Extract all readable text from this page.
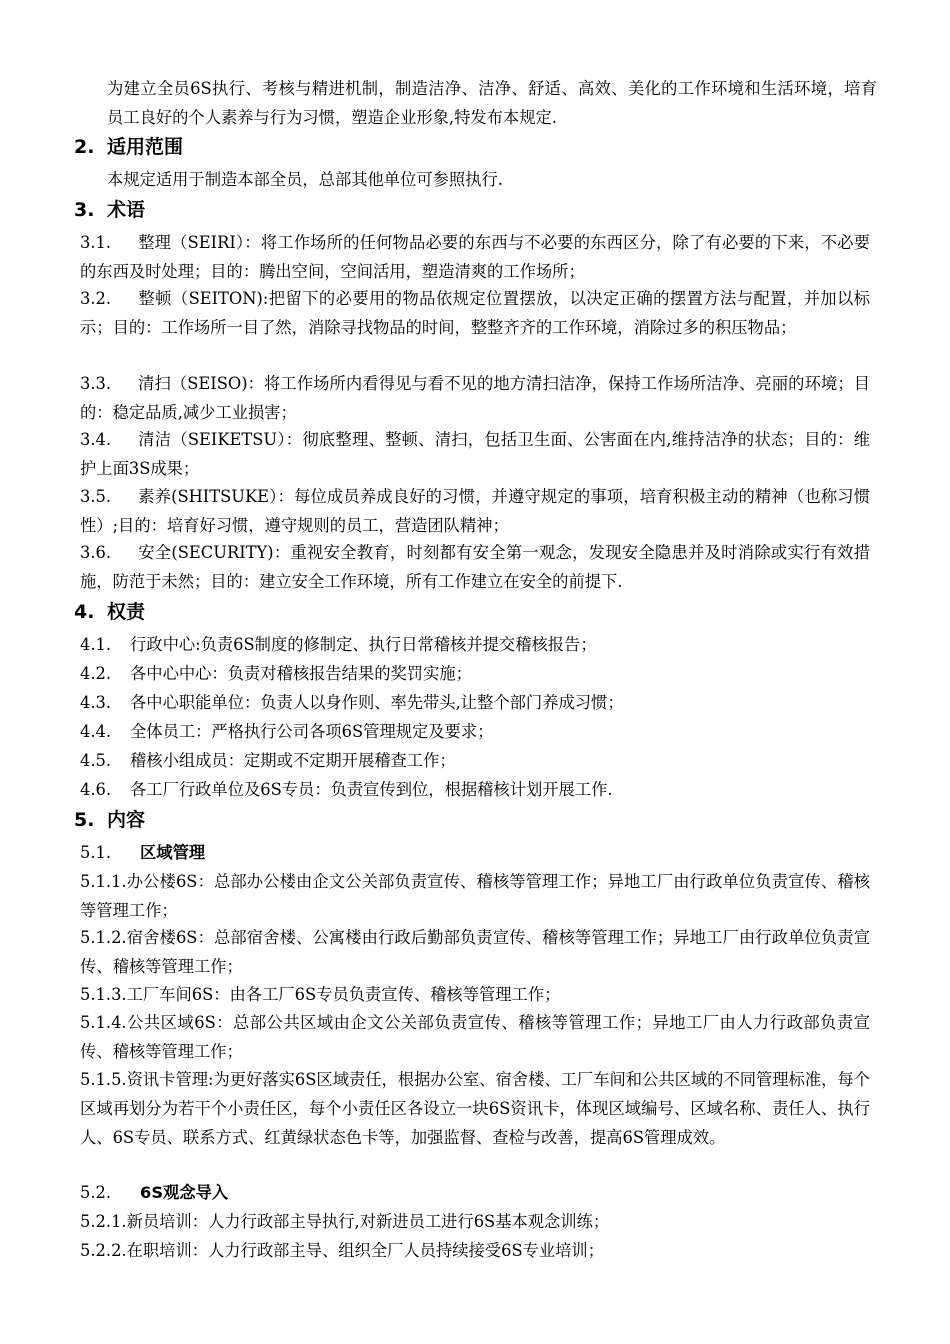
为建立全员6S执行、考核与精进机制，制造洁净、洁净、舒适、高效、美化的工作环境和生活环境，培育员工良好的个人素养与行为习惯，塑造企业形象,特发布本规定.

2. 适用范围

本规定适用于制造本部全员，总部其他单位可参照执行.

3. 术语

3.1. 整理（SEIRI）：将工作场所的任何物品必要的东西与不必要的东西区分，除了有必要的下来，不必要的东西及时处理；目的：腾出空间，空间活用，塑造清爽的工作场所；

3.2. 整顿（SEITON):把留下的必要用的物品依规定位置摆放，以决定正确的摆置方法与配置，并加以标示；目的：工作场所一目了然，消除寻找物品的时间，整整齐齐的工作环境，消除过多的积压物品；

3.3. 清扫（SEISO)：将工作场所内看得见与看不见的地方清扫洁净，保持工作场所洁净、亮丽的环境；目的：稳定品质,减少工业损害；

3.4. 清洁（SEIKETSU）：彻底整理、整顿、清扫，包括卫生面、公害面在内,维持洁净的状态；目的：维护上面3S成果；

3.5. 素养(SHITSUKE）：每位成员养成良好的习惯，并遵守规定的事项，培育积极主动的精神（也称习惯性）;目的：培育好习惯，遵守规则的员工，营造团队精神；

3.6. 安全(SECURITY)：重视安全教育，时刻都有安全第一观念，发现安全隐患并及时消除或实行有效措施，防范于未然；目的：建立安全工作环境，所有工作建立在安全的前提下.

4. 权责

4.1. 行政中心:负责6S制度的修制定、执行日常稽核并提交稽核报告；

4.2. 各中心中心：负责对稽核报告结果的奖罚实施；

4.3. 各中心职能单位：负责人以身作则、率先带头,让整个部门养成习惯；

4.4. 全体员工：严格执行公司各项6S管理规定及要求；

4.5. 稽核小组成员：定期或不定期开展稽查工作；

4.6. 各工厂行政单位及6S专员：负责宣传到位，根据稽核计划开展工作.

5. 内容

5.1. 区域管理

5.1.1.办公楼6S：总部办公楼由企文公关部负责宣传、稽核等管理工作；异地工厂由行政单位负责宣传、稽核等管理工作；

5.1.2.宿舍楼6S：总部宿舍楼、公寓楼由行政后勤部负责宣传、稽核等管理工作；异地工厂由行政单位负责宣传、稽核等管理工作；

5.1.3.工厂车间6S：由各工厂6S专员负责宣传、稽核等管理工作；

5.1.4.公共区域6S：总部公共区域由企文公关部负责宣传、稽核等管理工作；异地工厂由人力行政部负责宣传、稽核等管理工作；

5.1.5.资讯卡管理:为更好落实6S区域责任，根据办公室、宿舍楼、工厂车间和公共区域的不同管理标准，每个区域再划分为若干个小责任区，每个小责任区各设立一块6S资讯卡，体现区域编号、区域名称、责任人、执行人、6S专员、联系方式、红黄绿状态色卡等，加强监督、查检与改善，提高6S管理成效。

5.2. 6S观念导入

5.2.1.新员培训：人力行政部主导执行,对新进员工进行6S基本观念训练；

5.2.2.在职培训：人力行政部主导、组织全厂人员持续接受6S专业培训；
